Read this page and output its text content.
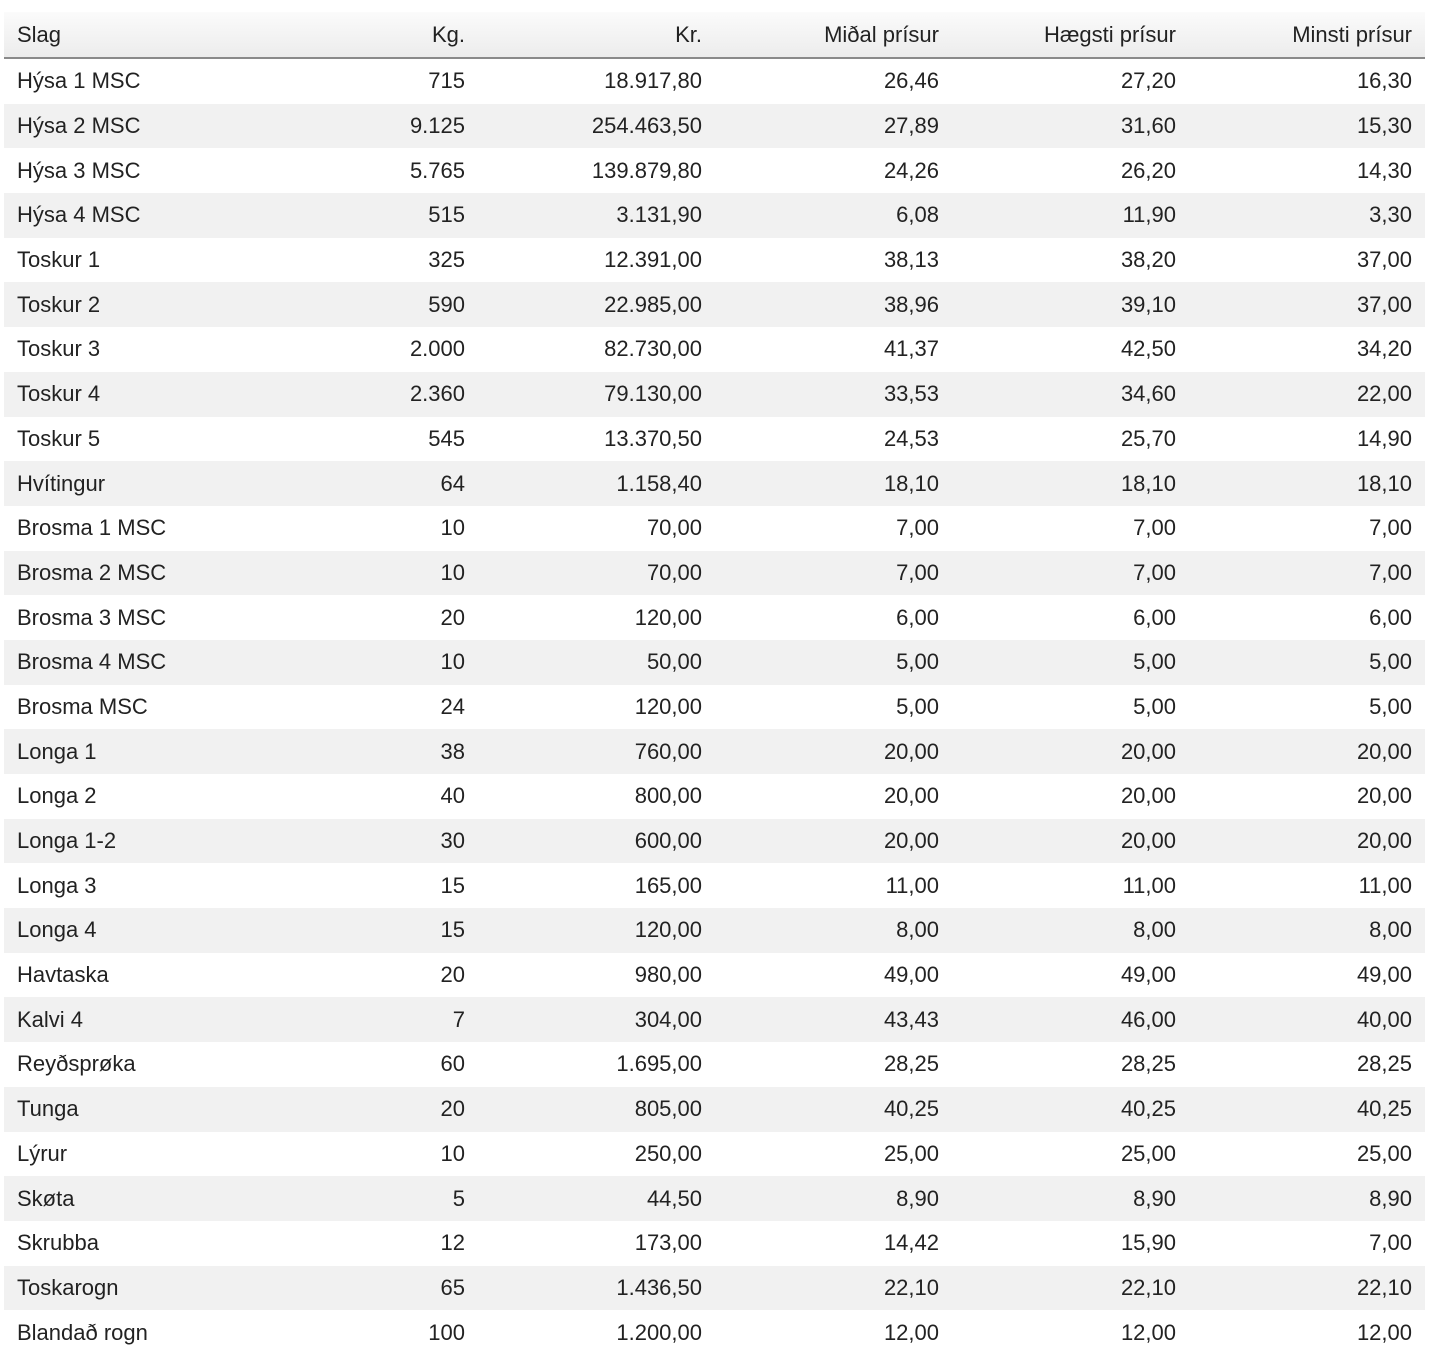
Slag	Kg.	Kr.	Miðal prísur	Hægsti prísur	Minsti prísur
Hýsa 1 MSC	715	18.917,80	26,46	27,20	16,30
Hýsa 2 MSC	9.125	254.463,50	27,89	31,60	15,30
Hýsa 3 MSC	5.765	139.879,80	24,26	26,20	14,30
Hýsa 4 MSC	515	3.131,90	6,08	11,90	3,30
Toskur 1	325	12.391,00	38,13	38,20	37,00
Toskur 2	590	22.985,00	38,96	39,10	37,00
Toskur 3	2.000	82.730,00	41,37	42,50	34,20
Toskur 4	2.360	79.130,00	33,53	34,60	22,00
Toskur 5	545	13.370,50	24,53	25,70	14,90
Hvítingur	64	1.158,40	18,10	18,10	18,10
Brosma 1 MSC	10	70,00	7,00	7,00	7,00
Brosma 2 MSC	10	70,00	7,00	7,00	7,00
Brosma 3 MSC	20	120,00	6,00	6,00	6,00
Brosma 4 MSC	10	50,00	5,00	5,00	5,00
Brosma MSC	24	120,00	5,00	5,00	5,00
Longa 1	38	760,00	20,00	20,00	20,00
Longa 2	40	800,00	20,00	20,00	20,00
Longa 1-2	30	600,00	20,00	20,00	20,00
Longa 3	15	165,00	11,00	11,00	11,00
Longa 4	15	120,00	8,00	8,00	8,00
Havtaska	20	980,00	49,00	49,00	49,00
Kalvi 4	7	304,00	43,43	46,00	40,00
Reyðsprøka	60	1.695,00	28,25	28,25	28,25
Tunga	20	805,00	40,25	40,25	40,25
Lýrur	10	250,00	25,00	25,00	25,00
Skøta	5	44,50	8,90	8,90	8,90
Skrubba	12	173,00	14,42	15,90	7,00
Toskarogn	65	1.436,50	22,10	22,10	22,10
Blandað rogn	100	1.200,00	12,00	12,00	12,00
